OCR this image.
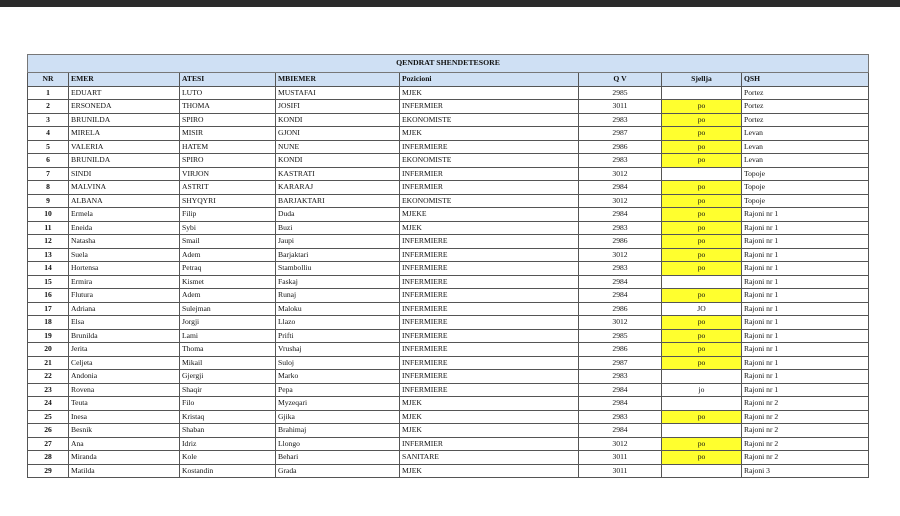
QENDRAT SHENDETESORE							
NR	EMER	ATESI	MBIEMER	Pozicioni	Q V	Sjellja	QSH
1	EDUART	LUTO	MUSTAFAI	MJEK	2985		Portez
2	ERSONEDA	THOMA	JOSIFI	INFERMIER	3011	po	Portez
3	BRUNILDA	SPIRO	KONDI	EKONOMISTE	2983	po	Portez
4	MIRELA	MISIR	GJONI	MJEK	2987	po	Levan
5	VALERIA	HATEM	NUNE	INFERMIERE	2986	po	Levan
6	BRUNILDA	SPIRO	KONDI	EKONOMISTE	2983	po	Levan
7	SINDI	VIRJON	KASTRATI	INFERMIER	3012		Topoje
8	MALVINA	ASTRIT	KARARAJ	INFERMIER	2984	po	Topoje
9	ALBANA	SHYQYRI	BARJAKTARI	EKONOMISTE	3012	po	Topoje
10	Ermela	Filip	Duda	MJEKE	2984	po	Rajoni nr 1
11	Eneida	Sybi	Buzi	MJEK	2983	po	Rajoni nr 1
12	Natasha	Smail	Jaupi	INFERMIERE	2986	po	Rajoni nr 1
13	Suela	Adem	Barjaktari	INFERMIERE	3012	po	Rajoni nr 1
14	Hortensa	Petraq	Stambolliu	INFERMIERE	2983	po	Rajoni nr 1
15	Ermira	Kismet	Faskaj	INFERMIERE	2984		Rajoni nr 1
16	Flutura	Adem	Runaj	INFERMIERE	2984	po	Rajoni nr 1
17	Adriana	Sulejman	Maloku	INFERMIERE	2986	JO	Rajoni nr 1
18	Elsa	Jorgji	Llazo	INFERMIERE	3012	po	Rajoni nr 1
19	Brunilda	Lami	Prifti	INFERMIERE	2985	po	Rajoni nr 1
20	Jerita	Thoma	Vrushaj	INFERMIERE	2986	po	Rajoni nr 1
21	Celjeta	Mikail	Suloj	INFERMIERE	2987	po	Rajoni nr 1
22	Andonia	Gjergji	Marko	INFERMIERE	2983		Rajoni nr 1
23	Rovena	Shaqir	Pepa	INFERMIERE	2984	jo	Rajoni nr 1
24	Teuta	Filo	Myzeqari	MJEK	2984		Rajoni nr 2
25	Inesa	Kristaq	Gjika	MJEK	2983	po	Rajoni nr 2
26	Besnik	Shaban	Brahimaj	MJEK	2984		Rajoni nr 2
27	Ana	Idriz	Llongo	INFERMIER	3012	po	Rajoni nr 2
28	Miranda	Kole	Behari	SANITARE	3011	po	Rajoni nr 2
29	Matilda	Kostandin	Grada	MJEK	3011		Rajoni 3
